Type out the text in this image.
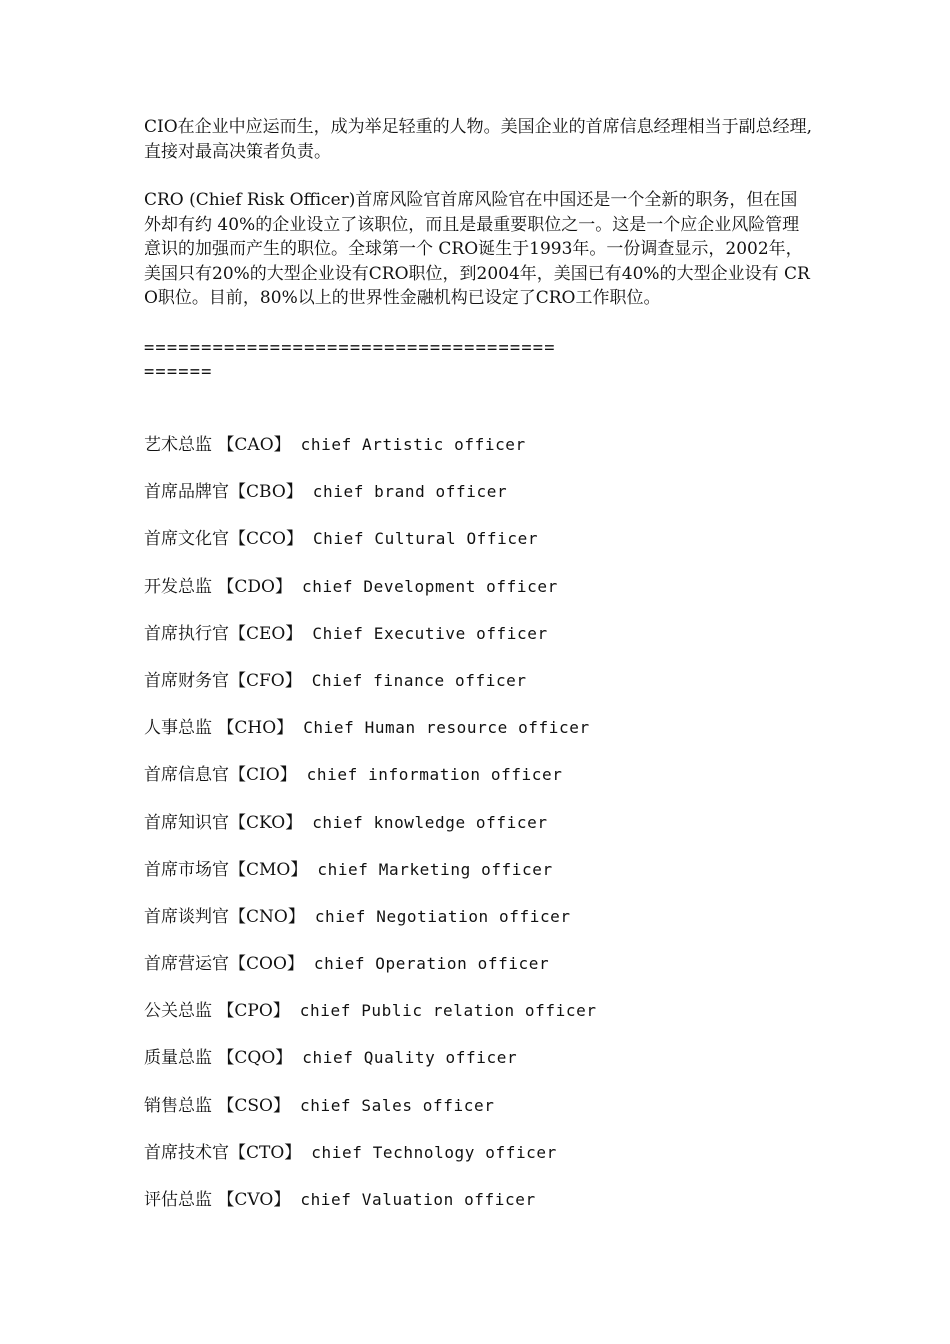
CIO在企业中应运而生，成为举足轻重的人物。美国企业的首席信息经理相当于副总经理,直接对最高决策者负责。

CRO (Chief Risk Officer)首席风险官首席风险官在中国还是一个全新的职务，但在国外却有约 40%的企业设立了该职位，而且是最重要职位之一。这是一个应企业风险管理意识的加强而产生的职位。全球第一个 CRO诞生于1993年。一份调查显示，2002年，美国只有20%的大型企业设有CRO职位，到2004年，美国已有40%的大型企业设有 CRO职位。目前，80%以上的世界性金融机构已设定了CRO工作职位。

====================================
======
艺术总监 【CAO】 chief Artistic officer
首席品牌官 【CBO】 chief brand officer
首席文化官 【CCO】 Chief Cultural Officer
开发总监 【CDO】 chief Development officer
首席执行官 【CEO】 Chief Executive officer
首席财务官 【CFO】 Chief finance officer
人事总监 【CHO】 Chief Human resource officer
首席信息官 【CIO】 chief information officer
首席知识官 【CKO】 chief knowledge officer
首席市场官 【CMO】 chief Marketing officer
首席谈判官 【CNO】 chief Negotiation officer
首席营运官 【COO】 chief Operation officer
公关总监 【CPO】 chief Public relation officer
质量总监 【CQO】 chief Quality officer
销售总监 【CSO】 chief Sales officer
首席技术官 【CTO】 chief Technology officer
评估总监 【CVO】 chief Valuation officer
